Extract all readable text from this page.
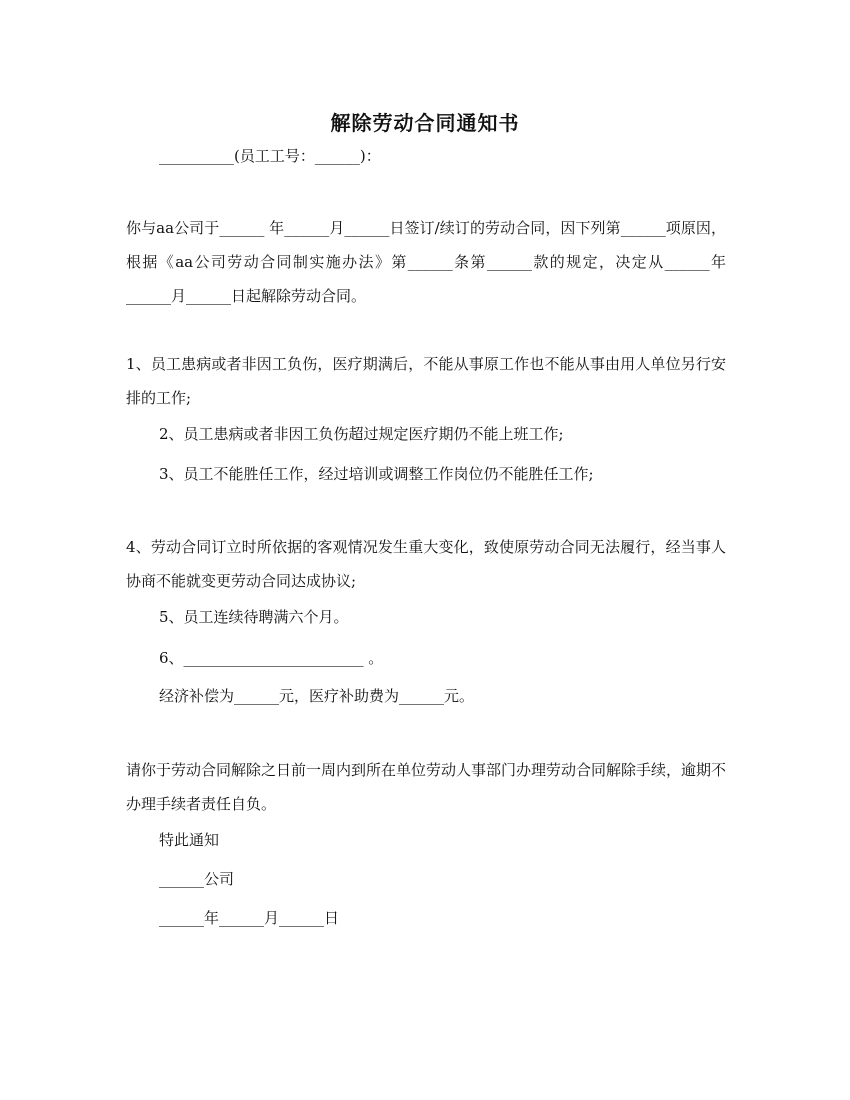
解除劳动合同通知书
__________(员工工号：______)：
你与aa公司于______ 年______月______日签订/续订的劳动合同，因下列第______项原因，根据《aa公司劳动合同制实施办法》第______条第______款的规定，决定从______年______月______日起解除劳动合同。
1、员工患病或者非因工负伤，医疗期满后，不能从事原工作也不能从事由用人单位另行安排的工作;
2、员工患病或者非因工负伤超过规定医疗期仍不能上班工作;
3、员工不能胜任工作，经过培训或调整工作岗位仍不能胜任工作;
4、劳动合同订立时所依据的客观情况发生重大变化，致使原劳动合同无法履行，经当事人协商不能就变更劳动合同达成协议;
5、员工连续待聘满六个月。
6、________________________ 。
经济补偿为______元，医疗补助费为______元。
请你于劳动合同解除之日前一周内到所在单位劳动人事部门办理劳动合同解除手续，逾期不办理手续者责任自负。
特此通知
______公司
______年______月______日
